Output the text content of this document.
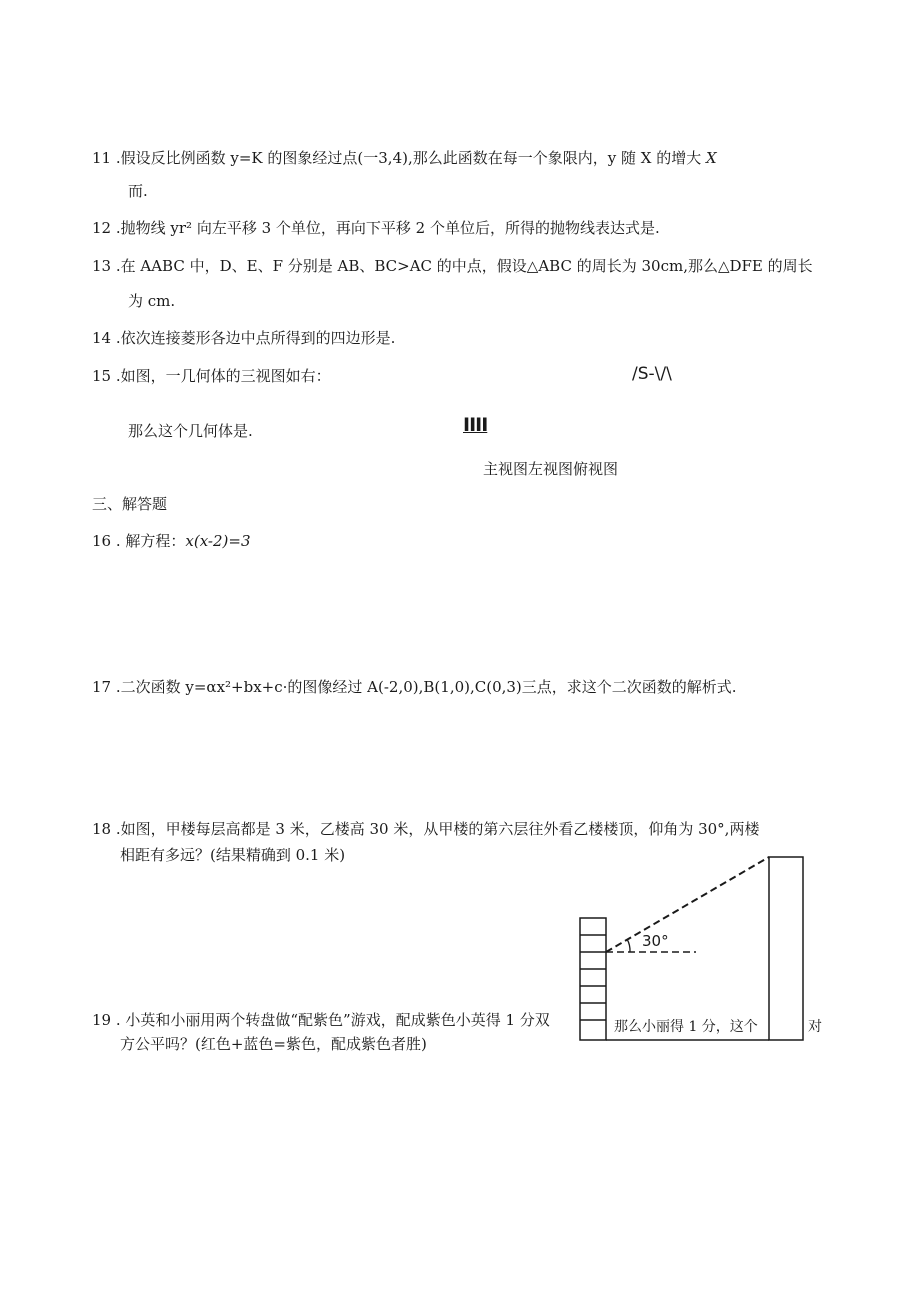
11 .假设反比例函数 y=K 的图象经过点(一3,4),那么此函数在每一个象限内，y 随 X 的增大 X
而.
12 .抛物线 yr² 向左平移 3 个单位，再向下平移 2 个单位后，所得的抛物线表达式是.
13 .在 AABC 中，D、E、F 分别是 AB、BC>AC 的中点，假设△ABC 的周长为 30cm,那么△DFE 的周长
为 cm.
14 .依次连接菱形各边中点所得到的四边形是.
15 .如图，一几何体的三视图如右：	/S-\/\
那么这个几何体是.	IIII
主视图左视图俯视图
三、解答题
16 . 解方程：x(x-2)=3
17 .二次函数 y=αx²+bx+c·的图像经过 A(-2,0),B(1,0),C(0,3)三点，求这个二次函数的解析式.
18 .如图，甲楼每层高都是 3 米，乙楼高 30 米，从甲楼的第六层往外看乙楼楼顶，仰角为 30°,两楼
相距有多远？(结果精确到 0.1 米)
19 . 小英和小丽用两个转盘做“配紫色”游戏，配成紫色小英得 1 分双
方公平吗？(红色+蓝色=紫色，配成紫色者胜)
30°
那么小丽得 1 分，这个	对
